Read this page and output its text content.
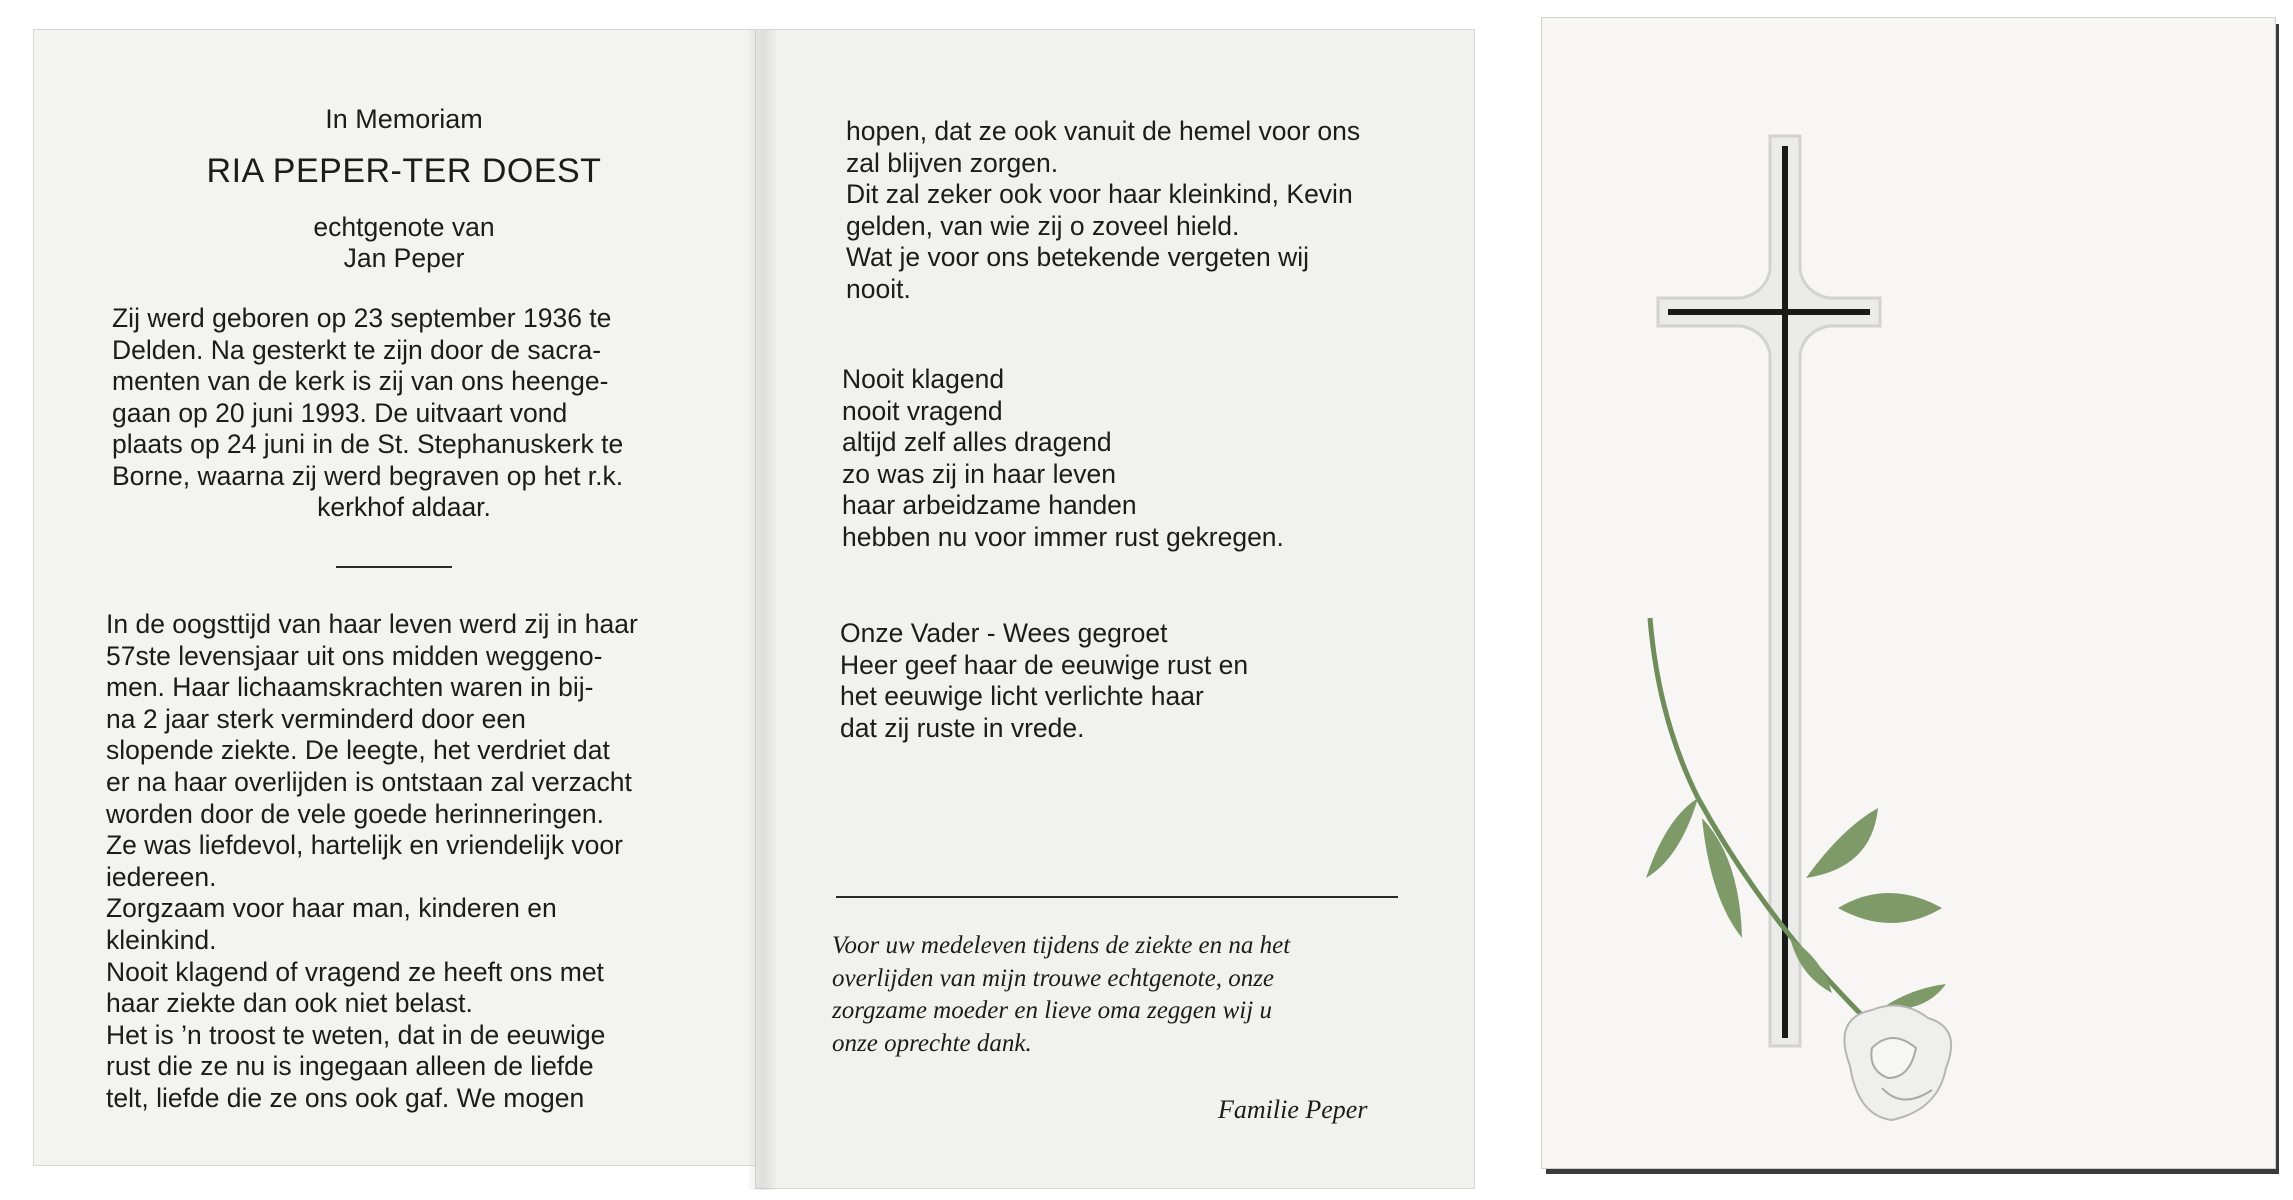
In Memoriam
RIA PEPER-TER DOEST
echtgenote van
Jan Peper
Zij werd geboren op 23 september 1936 te
Delden. Na gesterkt te zijn door de sacra-
menten van de kerk is zij van ons heenge-
gaan op 20 juni 1993. De uitvaart vond
plaats op 24 juni in de St. Stephanuskerk te
Borne, waarna zij werd begraven op het r.k.
kerkhof aldaar.
In de oogsttijd van haar leven werd zij in haar
57ste levensjaar uit ons midden weggeno-
men. Haar lichaamskrachten waren in bij-
na 2 jaar sterk verminderd door een
slopende ziekte. De leegte, het verdriet dat
er na haar overlijden is ontstaan zal verzacht
worden door de vele goede herinneringen.
Ze was liefdevol, hartelijk en vriendelijk voor
iedereen.
Zorgzaam voor haar man, kinderen en
kleinkind.
Nooit klagend of vragend ze heeft ons met
haar ziekte dan ook niet belast.
Het is ’n troost te weten, dat in de eeuwige
rust die ze nu is ingegaan alleen de liefde
telt, liefde die ze ons ook gaf. We mogen
hopen, dat ze ook vanuit de hemel voor ons
zal blijven zorgen.
Dit zal zeker ook voor haar kleinkind, Kevin
gelden, van wie zij o zoveel hield.
Wat je voor ons betekende vergeten wij
nooit.
Nooit klagend
nooit vragend
altijd zelf alles dragend
zo was zij in haar leven
haar arbeidzame handen
hebben nu voor immer rust gekregen.
Onze Vader - Wees gegroet
Heer geef haar de eeuwige rust en
het eeuwige licht verlichte haar
dat zij ruste in vrede.
Voor uw medeleven tijdens de ziekte en na het
overlijden van mijn trouwe echtgenote, onze
zorgzame moeder en lieve oma zeggen wij u
onze oprechte dank.
Familie Peper
